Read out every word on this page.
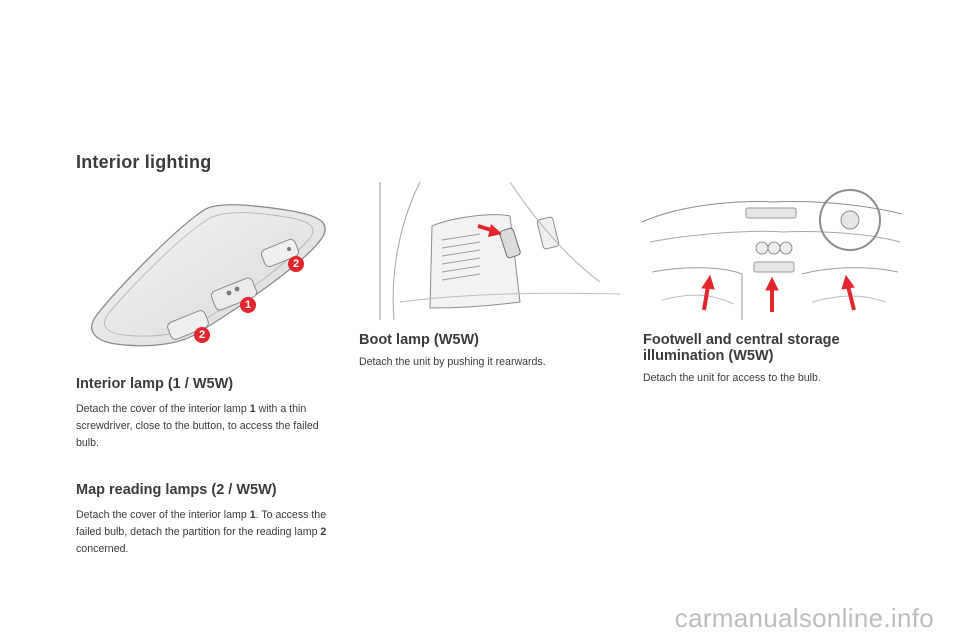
Interior lighting
1
2
2
Interior lamp (1 / W5W)

Detach the cover of the interior lamp 1 with a thin screwdriver, close to the button, to access the failed bulb.

Map reading lamps (2 / W5W)

Detach the cover of the interior lamp 1. To access the failed bulb, detach the partition for the reading lamp 2 concerned.

Boot lamp (W5W)

Detach the unit by pushing it rearwards.

Footwell and central storage
illumination (W5W)

Detach the unit for access to the bulb.

carmanualsonline.info
